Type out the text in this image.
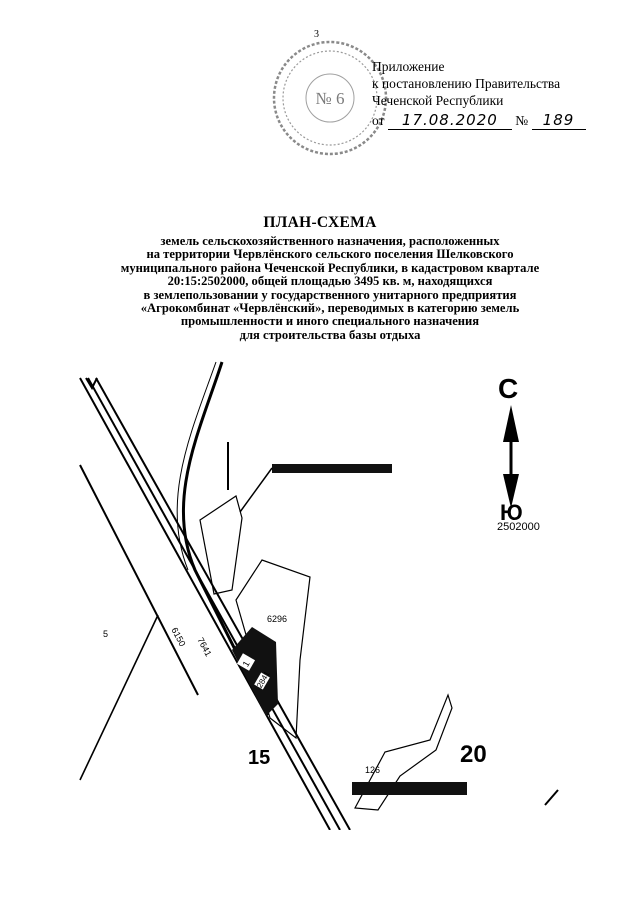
3
№ 6
Приложение
к постановлению Правительства
Чеченской Республики
от 17.08.2020 № 189
ПЛАН-СХЕМА
земель сельскохозяйственного назначения, расположенных
на территории Червлёнского сельского поселения Шелковского
муниципального района Чеченской Республики, в кадастровом квартале
20:15:2502000, общей площадью 3495 кв. м, находящихся
в землепользовании у государственного унитарного предприятия
«Агрокомбинат «Червлёнский», переводимых в категорию земель
промышленности и иного специального назначения
для строительства базы отдыха
6296
6150 7641
1
2841
5
126
15	20
С
Ю
2502000
